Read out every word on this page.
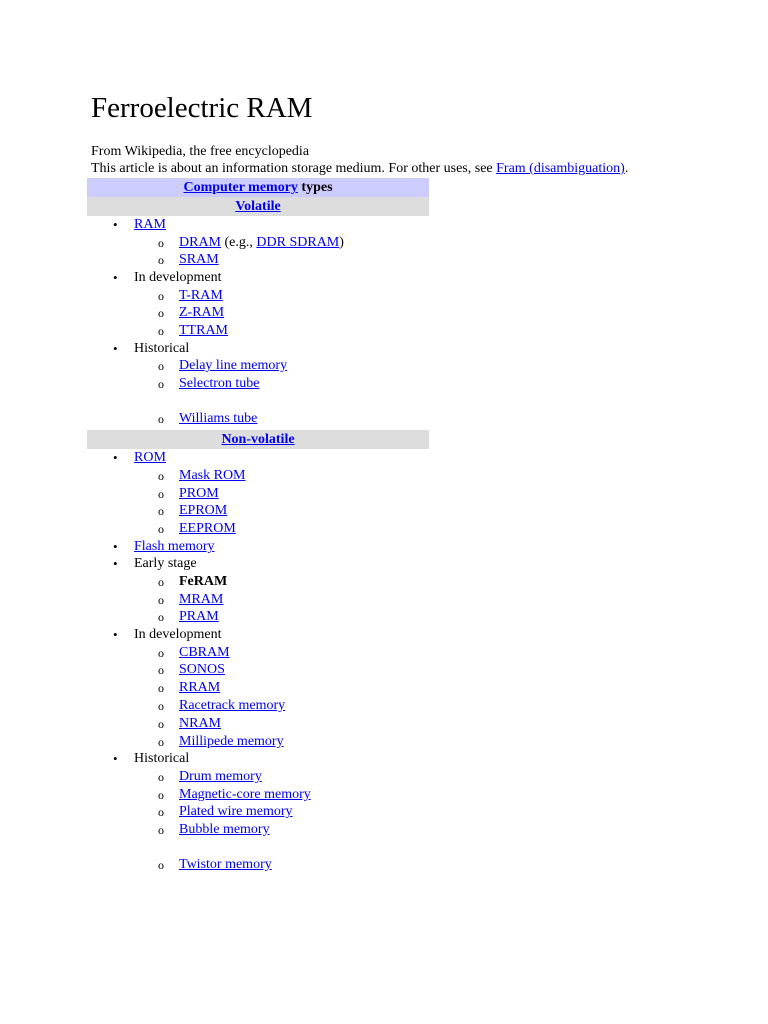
Ferroelectric RAM
From Wikipedia, the free encyclopedia
This article is about an information storage medium. For other uses, see Fram (disambiguation).
Computer memory types
Volatile
• RAM
o DRAM (e.g., DDR SDRAM)
o SRAM
• In development
o T-RAM
o Z-RAM
o TTRAM
• Historical
o Delay line memory
o Selectron tube
o Williams tube
Non-volatile
• ROM
o Mask ROM
o PROM
o EPROM
o EEPROM
• Flash memory
• Early stage
o FeRAM
o MRAM
o PRAM
• In development
o CBRAM
o SONOS
o RRAM
o Racetrack memory
o NRAM
o Millipede memory
• Historical
o Drum memory
o Magnetic-core memory
o Plated wire memory
o Bubble memory
o Twistor memory
